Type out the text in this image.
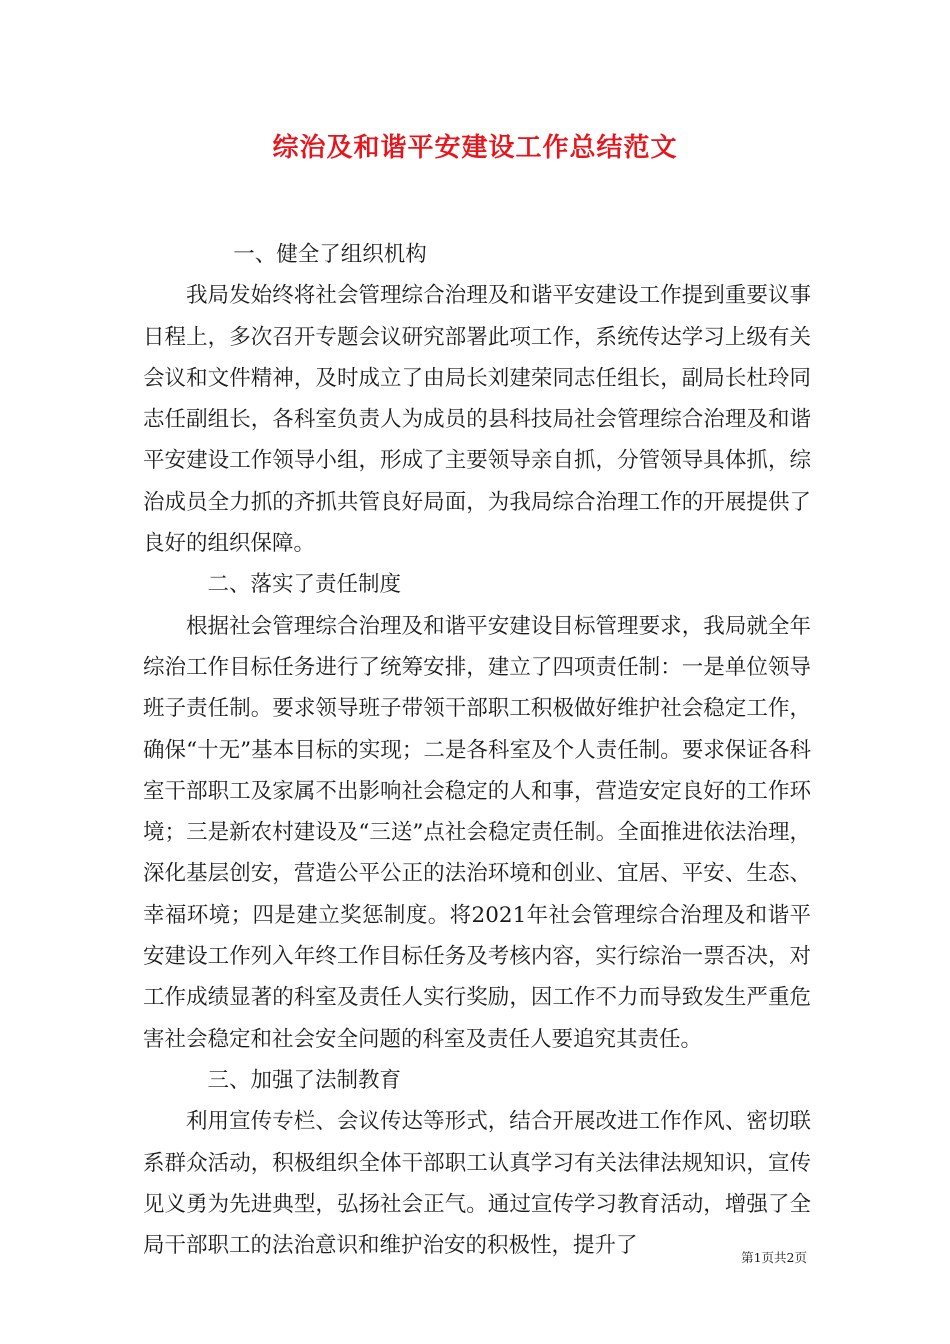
综治及和谐平安建设工作总结范文

一、健全了组织机构

我局发始终将社会管理综合治理及和谐平安建设工作提到重要议事日程上，多次召开专题会议研究部署此项工作，系统传达学习上级有关会议和文件精神，及时成立了由局长刘建荣同志任组长，副局长杜玲同志任副组长，各科室负责人为成员的县科技局社会管理综合治理及和谐平安建设工作领导小组，形成了主要领导亲自抓，分管领导具体抓，综治成员全力抓的齐抓共管良好局面，为我局综合治理工作的开展提供了良好的组织保障。

二、落实了责任制度

根据社会管理综合治理及和谐平安建设目标管理要求，我局就全年综治工作目标任务进行了统筹安排，建立了四项责任制：一是单位领导班子责任制。要求领导班子带领干部职工积极做好维护社会稳定工作，确保“十无”基本目标的实现；二是各科室及个人责任制。要求保证各科室干部职工及家属不出影响社会稳定的人和事，营造安定良好的工作环境；三是新农村建设及“三送”点社会稳定责任制。全面推进依法治理，深化基层创安，营造公平公正的法治环境和创业、宜居、平安、生态、幸福环境；四是建立奖惩制度。将2021年社会管理综合治理及和谐平安建设工作列入年终工作目标任务及考核内容，实行综治一票否决，对工作成绩显著的科室及责任人实行奖励，因工作不力而导致发生严重危害社会稳定和社会安全问题的科室及责任人要追究其责任。

三、加强了法制教育

利用宣传专栏、会议传达等形式，结合开展改进工作作风、密切联系群众活动，积极组织全体干部职工认真学习有关法律法规知识，宣传见义勇为先进典型，弘扬社会正气。通过宣传学习教育活动，增强了全局干部职工的法治意识和维护治安的积极性，提升了	第1页共2页
